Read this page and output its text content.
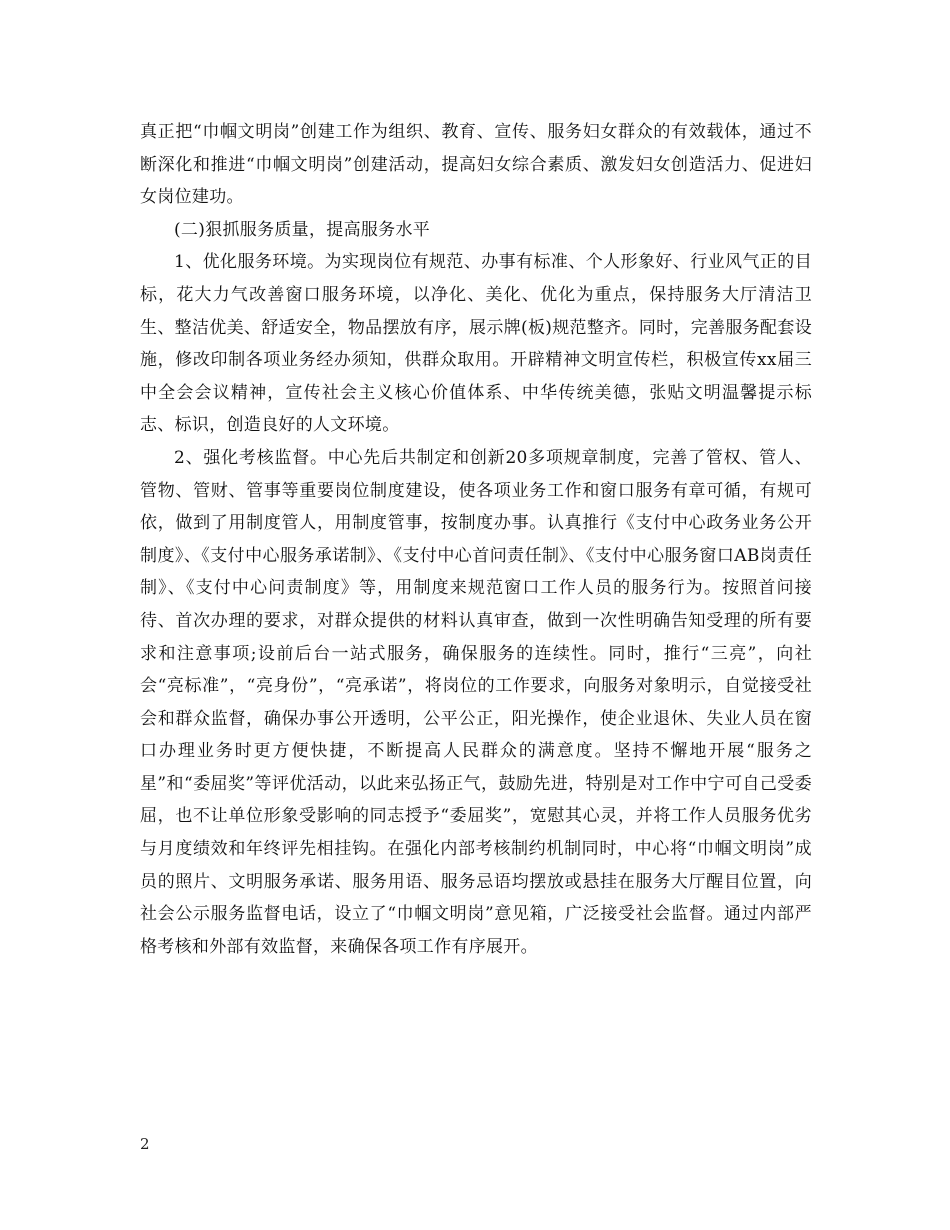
真正把“巾帼文明岗”创建工作为组织、教育、宣传、服务妇女群众的有效载体，通过不断深化和推进“巾帼文明岗”创建活动，提高妇女综合素质、激发妇女创造活力、促进妇女岗位建功。

(二)狠抓服务质量，提高服务水平

1、优化服务环境。为实现岗位有规范、办事有标准、个人形象好、行业风气正的目标，花大力气改善窗口服务环境，以净化、美化、优化为重点，保持服务大厅清洁卫生、整洁优美、舒适安全，物品摆放有序，展示牌(板)规范整齐。同时，完善服务配套设施，修改印制各项业务经办须知，供群众取用。开辟精神文明宣传栏，积极宣传xx届三中全会会议精神，宣传社会主义核心价值体系、中华传统美德，张贴文明温馨提示标志、标识，创造良好的人文环境。

2、强化考核监督。中心先后共制定和创新20多项规章制度，完善了管权、管人、管物、管财、管事等重要岗位制度建设，使各项业务工作和窗口服务有章可循，有规可依，做到了用制度管人，用制度管事，按制度办事。认真推行《支付中心政务业务公开制度》、《支付中心服务承诺制》、《支付中心首问责任制》、《支付中心服务窗口AB岗责任制》、《支付中心问责制度》等，用制度来规范窗口工作人员的服务行为。按照首问接待、首次办理的要求，对群众提供的材料认真审查，做到一次性明确告知受理的所有要求和注意事项;设前后台一站式服务，确保服务的连续性。同时，推行“三亮”，向社会“亮标准”，“亮身份”，“亮承诺”，将岗位的工作要求，向服务对象明示，自觉接受社会和群众监督，确保办事公开透明，公平公正，阳光操作，使企业退休、失业人员在窗口办理业务时更方便快捷，不断提高人民群众的满意度。坚持不懈地开展“服务之星”和“委屈奖”等评优活动，以此来弘扬正气，鼓励先进，特别是对工作中宁可自己受委屈，也不让单位形象受影响的同志授予“委屈奖”，宽慰其心灵，并将工作人员服务优劣与月度绩效和年终评先相挂钩。在强化内部考核制约机制同时，中心将“巾帼文明岗”成员的照片、文明服务承诺、服务用语、服务忌语均摆放或悬挂在服务大厅醒目位置，向社会公示服务监督电话，设立了“巾帼文明岗”意见箱，广泛接受社会监督。通过内部严格考核和外部有效监督，来确保各项工作有序展开。

2
